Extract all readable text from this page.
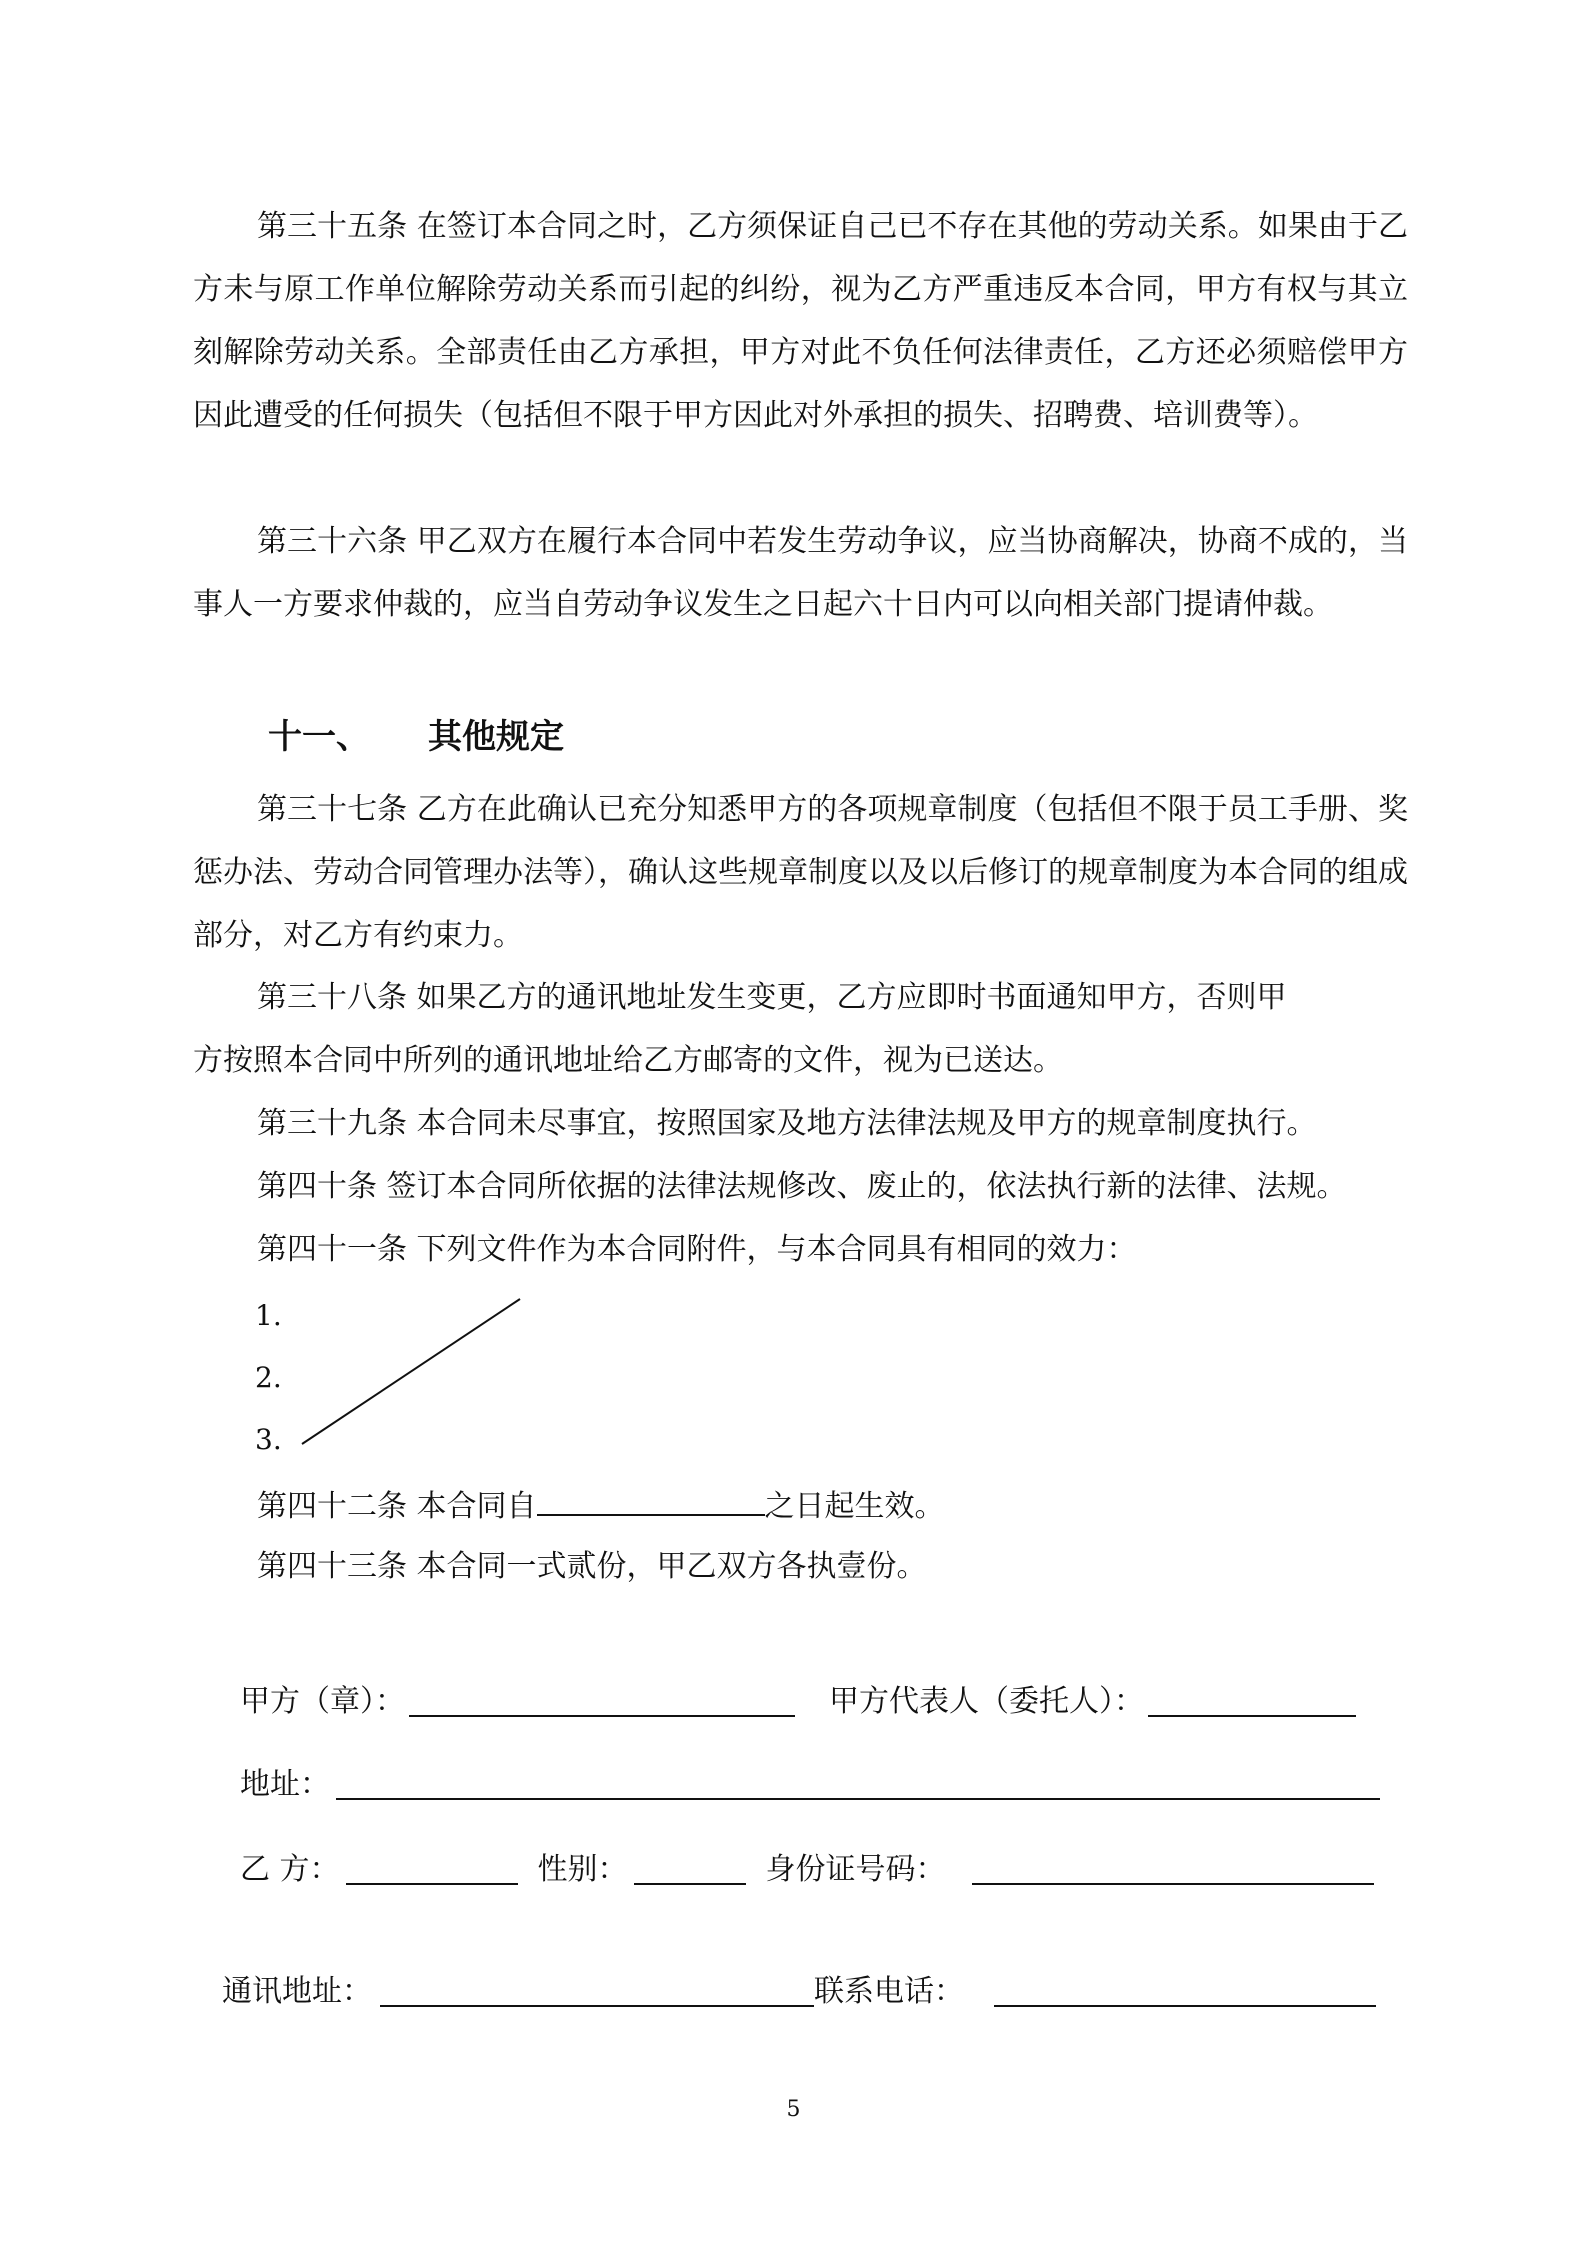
第三十五条 在签订本合同之时，乙方须保证自己已不存在其他的劳动关系。如果由于乙方未与原工作单位解除劳动关系而引起的纠纷，视为乙方严重违反本合同，甲方有权与其立刻解除劳动关系。全部责任由乙方承担，甲方对此不负任何法律责任，乙方还必须赔偿甲方因此遭受的任何损失（包括但不限于甲方因此对外承担的损失、招聘费、培训费等）。

第三十六条 甲乙双方在履行本合同中若发生劳动争议，应当协商解决，协商不成的，当事人一方要求仲裁的，应当自劳动争议发生之日起六十日内可以向相关部门提请仲裁。

十一、 其他规定

第三十七条 乙方在此确认已充分知悉甲方的各项规章制度（包括但不限于员工手册、奖惩办法、劳动合同管理办法等），确认这些规章制度以及以后修订的规章制度为本合同的组成部分，对乙方有约束力。

第三十八条 如果乙方的通讯地址发生变更，乙方应即时书面通知甲方，否则甲

方按照本合同中所列的通讯地址给乙方邮寄的文件，视为已送达。

第三十九条 本合同未尽事宜，按照国家及地方法律法规及甲方的规章制度执行。

第四十条 签订本合同所依据的法律法规修改、废止的，依法执行新的法律、法规。

第四十一条 下列文件作为本合同附件，与本合同具有相同的效力：

1.
2.
3.

第四十二条 本合同自	之日起生效。

第四十三条 本合同一式贰份，甲乙双方各执壹份。

甲方（章）：	甲方代表人（委托人）：
地址：
乙 方：	性别：	身份证号码：
通讯地址：	联系电话：
5
